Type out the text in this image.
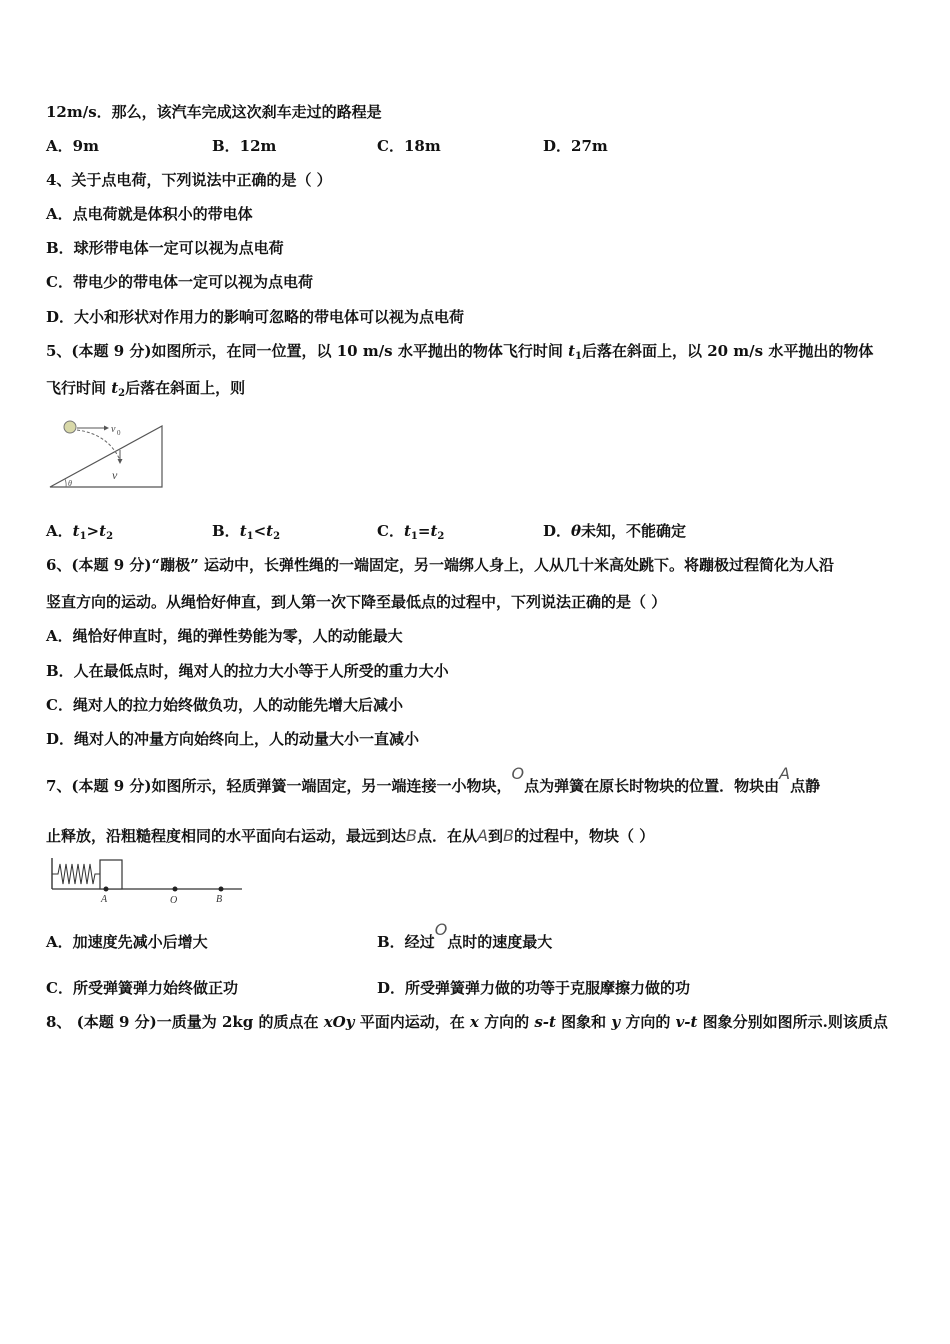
12m/s．那么，该汽车完成这次刹车走过的路程是
A．9m	B．12m	C．18m	D．27m
4、关于点电荷，下列说法中正确的是（ ）
A．点电荷就是体积小的带电体
B．球形带电体一定可以视为点电荷
C．带电少的带电体一定可以视为点电荷
D．大小和形状对作用力的影响可忽略的带电体可以视为点电荷
5、(本题 9 分)如图所示，在同一位置，以 10 m/s 水平抛出的物体飞行时间 $t_1$后落在斜面上，以 20 m/s 水平抛出的物体
飞行时间 $t_2$后落在斜面上，则
v 0
v
θ
A．$t_1>t_2$	B．$t_1<t_2$	C．$t_1=t_2$	D．θ未知，不能确定
6、(本题 9 分)“蹦极” 运动中，长弹性绳的一端固定，另一端绑人身上，人从几十米高处跳下。将蹦极过程简化为人沿
竖直方向的运动。从绳恰好伸直，到人第一次下降至最低点的过程中，下列说法正确的是（ ）
A．绳恰好伸直时，绳的弹性势能为零，人的动能最大
B．人在最低点时，绳对人的拉力大小等于人所受的重力大小
C．绳对人的拉力始终做负功，人的动能先增大后减小
D．绳对人的冲量方向始终向上，人的动量大小一直减小
7、(本题 9 分)如图所示，轻质弹簧一端固定，另一端连接一小物块，O点为弹簧在原长时物块的位置．物块由A点静
止释放，沿粗糙程度相同的水平面向右运动，最远到达B点．在从A到B的过程中，物块（ ）
A	O	B
A．加速度先减小后增大	B．经过O点时的速度最大
C．所受弹簧弹力始终做正功	D．所受弹簧弹力做的功等于克服摩擦力做的功
8、 (本题 9 分)一质量为 2kg 的质点在 xOy 平面内运动，在 x 方向的 s-t 图象和 y 方向的 v-t 图象分别如图所示.则该质点
